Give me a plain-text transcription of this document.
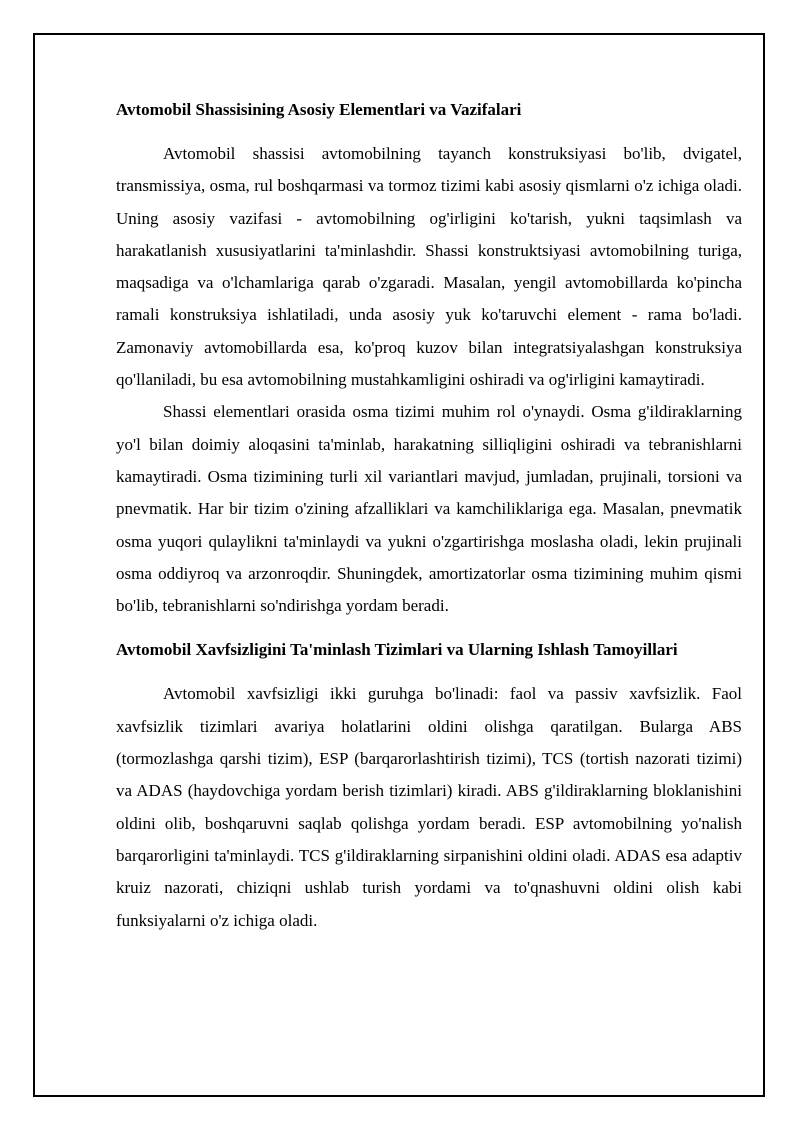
Avtomobil Shassisining Asosiy Elementlari va Vazifalari

Avtomobil shassisi avtomobilning tayanch konstruksiyasi bo'lib, dvigatel, transmissiya, osma, rul boshqarmasi va tormoz tizimi kabi asosiy qismlarni o'z ichiga oladi. Uning asosiy vazifasi - avtomobilning og'irligini ko'tarish, yukni taqsimlash va harakatlanish xususiyatlarini ta'minlashdir. Shassi konstruktsiyasi avtomobilning turiga, maqsadiga va o'lchamlariga qarab o'zgaradi. Masalan, yengil avtomobillarda ko'pincha ramali konstruksiya ishlatiladi, unda asosiy yuk ko'taruvchi element - rama bo'ladi. Zamonaviy avtomobillarda esa, ko'proq kuzov bilan integratsiyalashgan konstruksiya qo'llaniladi, bu esa avtomobilning mustahkamligini oshiradi va og'irligini kamaytiradi.

Shassi elementlari orasida osma tizimi muhim rol o'ynaydi. Osma g'ildiraklarning yo'l bilan doimiy aloqasini ta'minlab, harakatning silliqligini oshiradi va tebranishlarni kamaytiradi. Osma tizimining turli xil variantlari mavjud, jumladan, prujinali, torsioni va pnevmatik. Har bir tizim o'zining afzalliklari va kamchiliklariga ega. Masalan, pnevmatik osma yuqori qulaylikni ta'minlaydi va yukni o'zgartirishga moslasha oladi, lekin prujinali osma oddiyroq va arzonroqdir. Shuningdek, amortizatorlar osma tizimining muhim qismi bo'lib, tebranishlarni so'ndirishga yordam beradi.

Avtomobil Xavfsizligini Ta'minlash Tizimlari va Ularning Ishlash Tamoyillari

Avtomobil xavfsizligi ikki guruhga bo'linadi: faol va passiv xavfsizlik. Faol xavfsizlik tizimlari avariya holatlarini oldini olishga qaratilgan. Bularga ABS (tormozlashga qarshi tizim), ESP (barqarorlashtirish tizimi), TCS (tortish nazorati tizimi) va ADAS (haydovchiga yordam berish tizimlari) kiradi. ABS g'ildiraklarning bloklanishini oldini olib, boshqaruvni saqlab qolishga yordam beradi. ESP avtomobilning yo'nalish barqarorligini ta'minlaydi. TCS g'ildiraklarning sirpanishini oldini oladi. ADAS esa adaptiv kruiz nazorati, chiziqni ushlab turish yordami va to'qnashuvni oldini olish kabi funksiyalarni o'z ichiga oladi.
